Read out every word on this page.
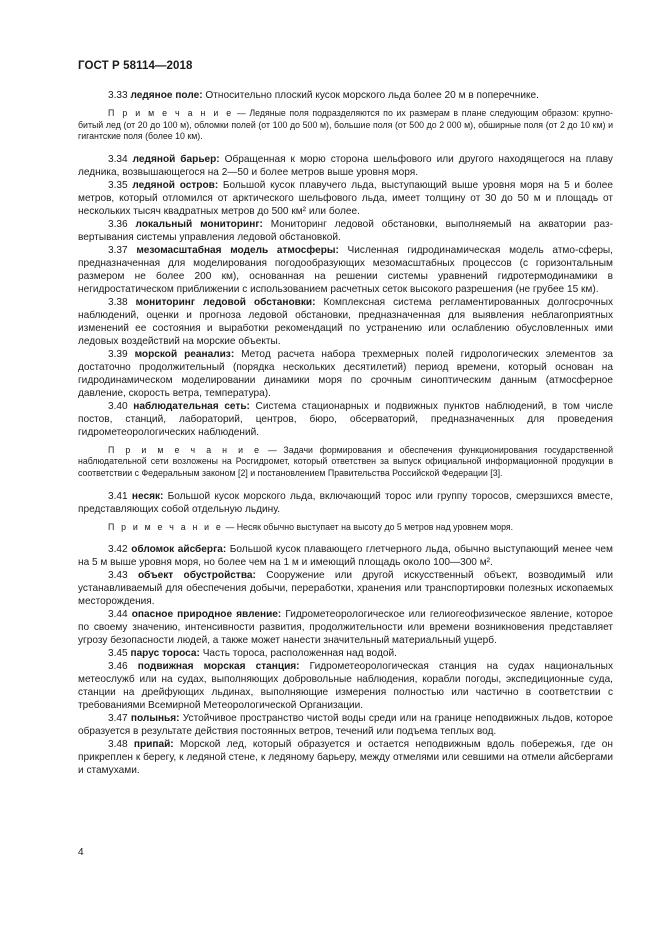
ГОСТ Р 58114—2018

3.33 ледяное поле: Относительно плоский кусок морского льда более 20 м в поперечнике.

П р и м е ч а н и е — Ледяные поля подразделяются по их размерам в плане следующим образом: крупно-битый лед (от 20 до 100 м), обломки полей (от 100 до 500 м), большие поля (от 500 до 2 000 м), обширные поля (от 2 до 10 км) и гигантские поля (более 10 км).

3.34 ледяной барьер: Обращенная к морю сторона шельфового или другого находящегося на плаву ледника, возвышающегося на 2—50 и более метров выше уровня моря.

3.35 ледяной остров: Большой кусок плавучего льда, выступающий выше уровня моря на 5 и более метров, который отломился от арктического шельфового льда, имеет толщину от 30 до 50 м и площадь от нескольких тысяч квадратных метров до 500 км² или более.

3.36 локальный мониторинг: Мониторинг ледовой обстановки, выполняемый на акватории раз-вертывания системы управления ледовой обстановкой.

3.37 мезомасштабная модель атмосферы: Численная гидродинамическая модель атмо-сферы, предназначенная для моделирования погодообразующих мезомасштабных процессов (с горизонтальным размером не более 200 км), основанная на решении системы уравнений гидротермодинамики в негидростатическом приближении с использованием расчетных сеток высокого разрешения (не грубее 15 км).

3.38 мониторинг ледовой обстановки: Комплексная система регламентированных долгосрочных наблюдений, оценки и прогноза ледовой обстановки, предназначенная для выявления неблагоприятных изменений ее состояния и выработки рекомендаций по устранению или ослаблению обусловленных ими ледовых воздействий на морские объекты.

3.39 морской реанализ: Метод расчета набора трехмерных полей гидрологических элементов за достаточно продолжительный (порядка нескольких десятилетий) период времени, который основан на гидродинамическом моделировании динамики моря по срочным синоптическим данным (атмосферное давление, скорость ветра, температура).

3.40 наблюдательная сеть: Система стационарных и подвижных пунктов наблюдений, в том числе постов, станций, лабораторий, центров, бюро, обсерваторий, предназначенных для проведения гидрометеорологических наблюдений.

П р и м е ч а н и е — Задачи формирования и обеспечения функционирования государственной наблюдательной сети возложены на Росгидромет, который ответствен за выпуск официальной информационной продукции в соответствии с Федеральным законом [2] и постановлением Правительства Российской Федерации [3].

3.41 несяк: Большой кусок морского льда, включающий торос или группу торосов, смерзшихся вместе, представляющих собой отдельную льдину.

П р и м е ч а н и е — Несяк обычно выступает на высоту до 5 метров над уровнем моря.

3.42 обломок айсберга: Большой кусок плавающего глетчерного льда, обычно выступающий менее чем на 5 м выше уровня моря, но более чем на 1 м и имеющий площадь около 100—300 м².

3.43 объект обустройства: Сооружение или другой искусственный объект, возводимый или устанавливаемый для обеспечения добычи, переработки, хранения или транспортировки полезных ископаемых месторождения.

3.44 опасное природное явление: Гидрометеорологическое или гелиогеофизическое явление, которое по своему значению, интенсивности развития, продолжительности или времени возникновения представляет угрозу безопасности людей, а также может нанести значительный материальный ущерб.

3.45 парус тороса: Часть тороса, расположенная над водой.

3.46 подвижная морская станция: Гидрометеорологическая станция на судах национальных метеослужб или на судах, выполняющих добровольные наблюдения, корабли погоды, экспедиционные суда, станции на дрейфующих льдинах, выполняющие измерения полностью или частично в соответствии с требованиями Всемирной Метеорологической Организации.

3.47 полынья: Устойчивое пространство чистой воды среди или на границе неподвижных льдов, которое образуется в результате действия постоянных ветров, течений или подъема теплых вод.

3.48 припай: Морской лед, который образуется и остается неподвижным вдоль побережья, где он прикреплен к берегу, к ледяной стене, к ледяному барьеру, между отмелями или севшими на отмели айсбергами и стамухами.

4
